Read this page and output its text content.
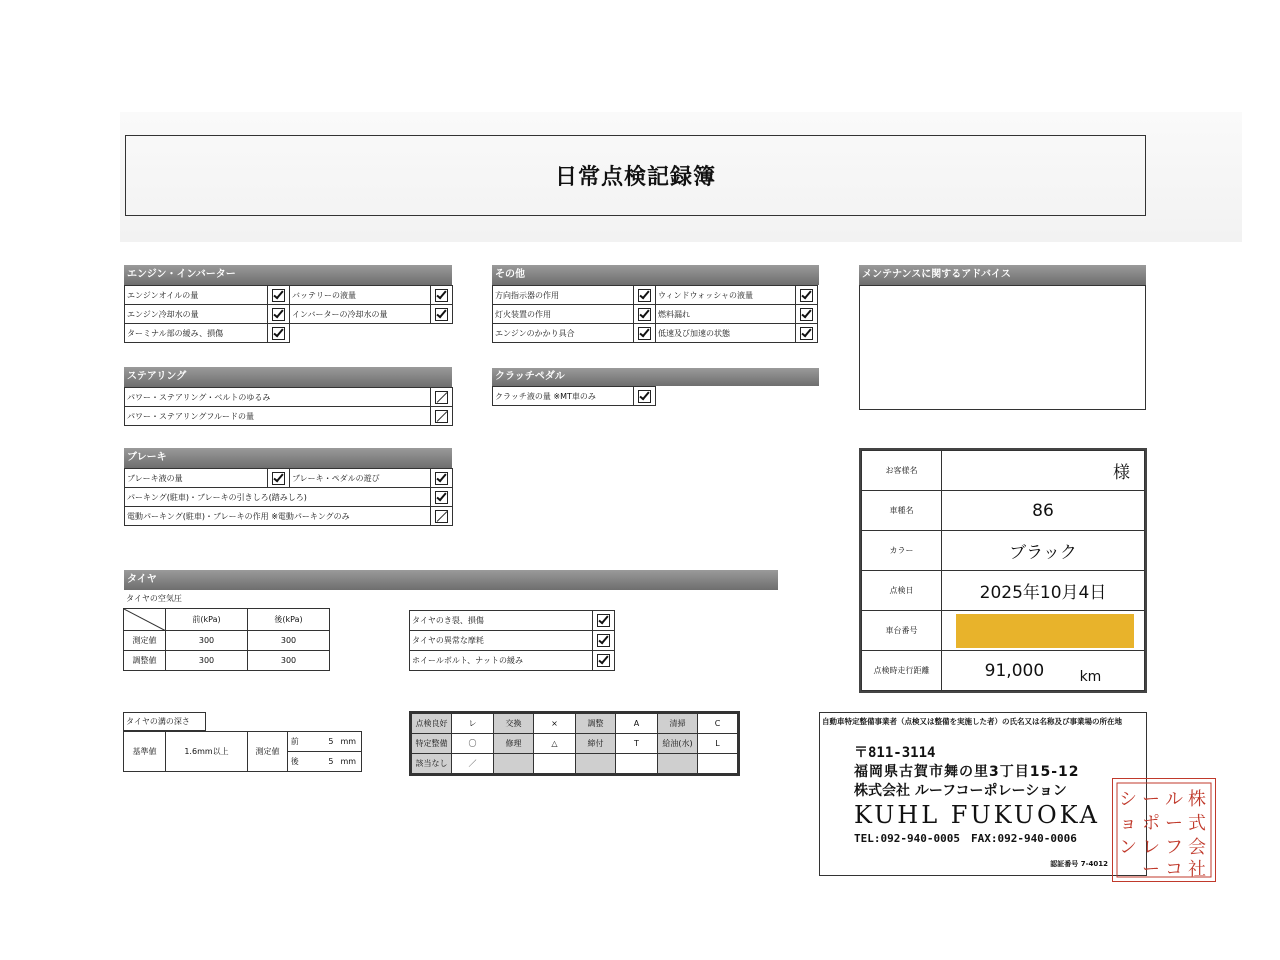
日常点検記録簿
エンジン・インバーター
エンジンオイルの量		バッテリーの液量	
エンジン冷却水の量		インバーターの冷却水の量	
ターミナル部の緩み、損傷			
その他
方向指示器の作用		ウィンドウォッシャの液量	
灯火装置の作用		燃料漏れ	
エンジンのかかり具合		低速及び加速の状態	
メンテナンスに関するアドバイス
ステアリング
パワー・ステアリング・ベルトのゆるみ	
パワー・ステアリングフルードの量	
クラッチペダル
クラッチ液の量 ※MT車のみ	
ブレーキ
ブレーキ液の量		ブレーキ・ペダルの遊び	
パーキング(駐車)・ブレーキの引きしろ(踏みしろ)			
電動パーキング(駐車)・ブレーキの作用 ※電動パーキングのみ			
タイヤ
タイヤの空気圧
	前(kPa)	後(kPa)
測定値	300	300
調整値	300	300
タイヤのき裂、損傷	
タイヤの異常な摩耗	
ホイールボルト、ナットの緩み	
タイヤの溝の深さ
基準値	1.6mm以上	測定値	前	5	mm
			後	5	mm
点検良好	レ	交換	×	調整	A	清掃	C
特定整備	〇	修理	△	締付	T	給油(水)	L
該当なし	／						
お客様名	様
車種名	86
カラー	ブラック
点検日	2025年10月4日
車台番号	

点検時走行距離	91,000 $_{km}$
自動車特定整備事業者（点検又は整備を実施した者）の氏名又は名称及び事業場の所在地
〒811-3114
福岡県古賀市舞の里3丁目15-12
株式会社 ルーフコーポレーション
KUHL FUKUOKA
TEL:092-940-0005　FAX:092-940-0006
認証番号 7-4012
株
式
会
社
ル
ー
フ
コ
ー
ポ
レ
ー
シ
ョ
ン
